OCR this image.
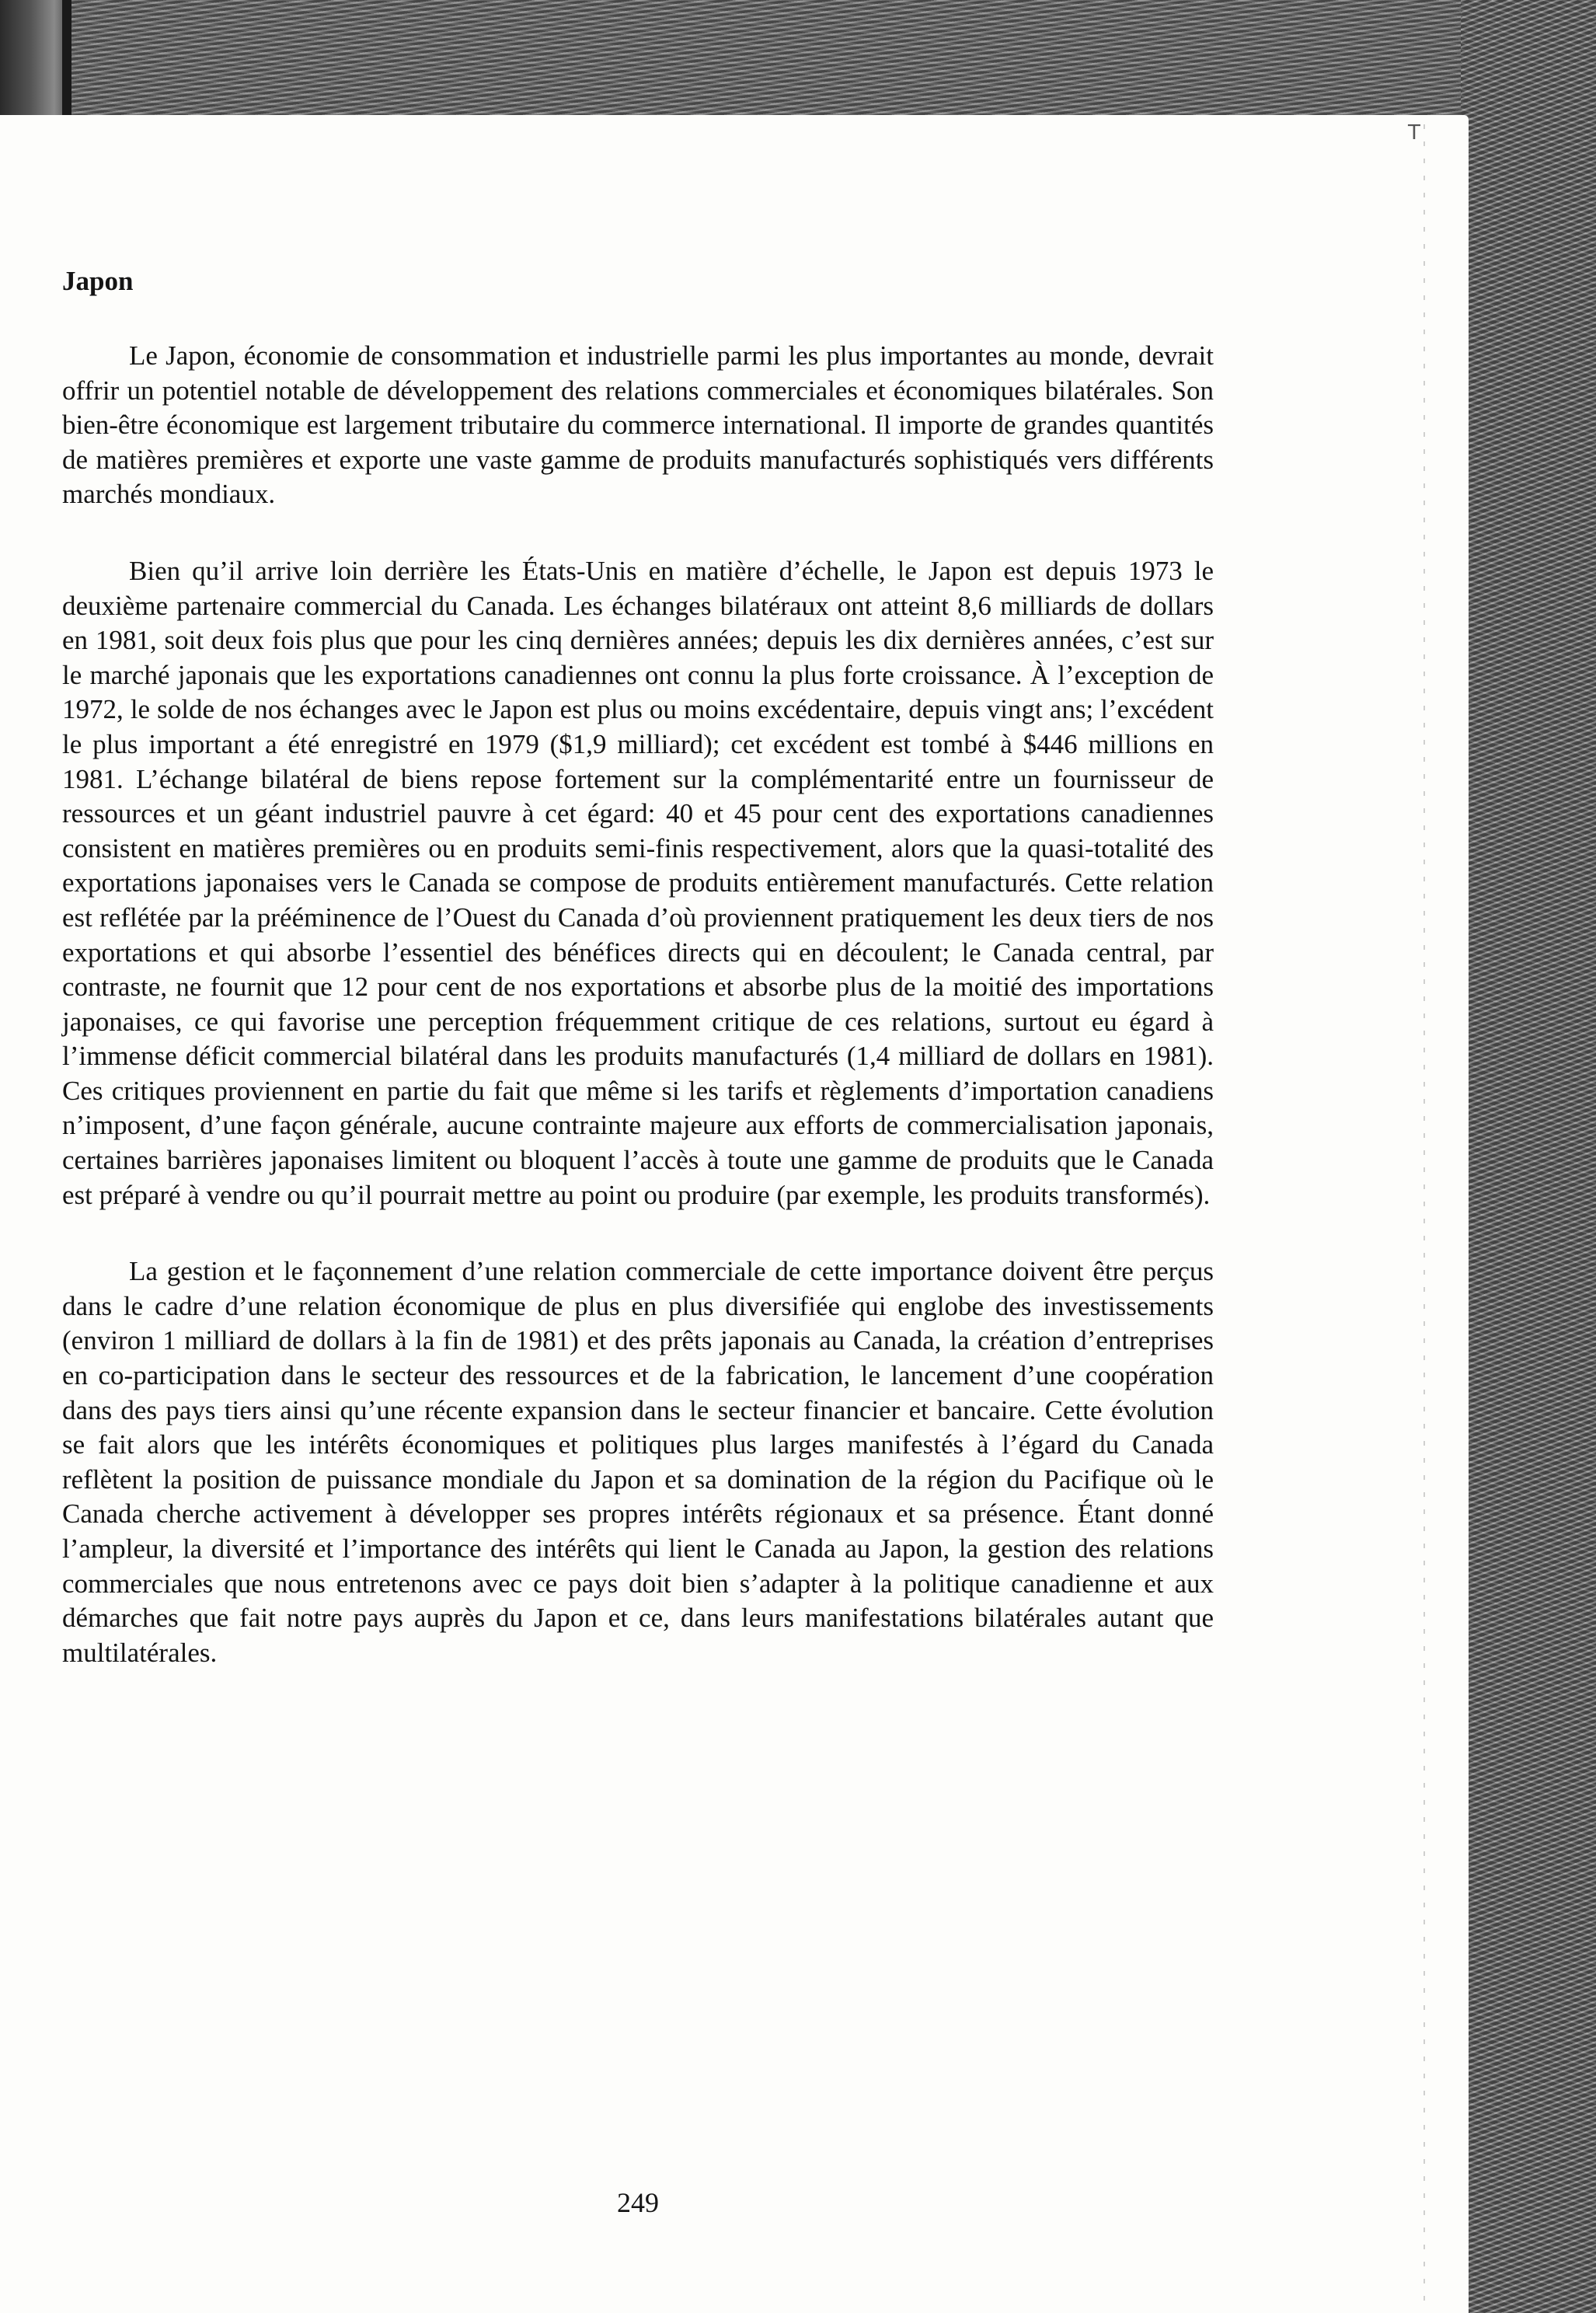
T
Japon

Le Japon, économie de consommation et industrielle parmi les plus importantes au monde, devrait offrir un potentiel notable de développement des relations commerciales et économiques bilatérales. Son bien-être économique est largement tributaire du commerce international. Il importe de grandes quantités de matières premières et exporte une vaste gamme de produits manufacturés sophistiqués vers différents marchés mondiaux.

Bien qu’il arrive loin derrière les États-Unis en matière d’échelle, le Japon est depuis 1973 le deuxième partenaire commercial du Canada. Les échanges bilatéraux ont atteint 8,6 milliards de dollars en 1981, soit deux fois plus que pour les cinq dernières années; depuis les dix dernières années, c’est sur le marché japonais que les exportations canadiennes ont connu la plus forte croissance. À l’exception de 1972, le solde de nos échanges avec le Japon est plus ou moins excédentaire, depuis vingt ans; l’excédent le plus important a été enregistré en 1979 ($1,9 milliard); cet excédent est tombé à $446 millions en 1981. L’échange bilatéral de biens repose fortement sur la complémentarité entre un fournisseur de ressources et un géant industriel pauvre à cet égard: 40 et 45 pour cent des exportations canadiennes consistent en matières premières ou en produits semi-finis respectivement, alors que la quasi-totalité des exportations japonaises vers le Canada se compose de produits entièrement manufacturés. Cette relation est reflétée par la prééminence de l’Ouest du Canada d’où proviennent pratiquement les deux tiers de nos exportations et qui absorbe l’essentiel des bénéfices directs qui en découlent; le Canada central, par contraste, ne fournit que 12 pour cent de nos exportations et absorbe plus de la moitié des importations japonaises, ce qui favorise une perception fréquemment critique de ces relations, surtout eu égard à l’immense déficit commercial bilatéral dans les produits manufacturés (1,4 milliard de dollars en 1981). Ces critiques proviennent en partie du fait que même si les tarifs et règlements d’importation canadiens n’imposent, d’une façon générale, aucune contrainte majeure aux efforts de commercialisation japonais, certaines barrières japonaises limitent ou bloquent l’accès à toute une gamme de produits que le Canada est préparé à vendre ou qu’il pourrait mettre au point ou produire (par exemple, les produits transformés).

La gestion et le façonnement d’une relation commerciale de cette importance doivent être perçus dans le cadre d’une relation économique de plus en plus diversifiée qui englobe des investissements (environ 1 milliard de dollars à la fin de 1981) et des prêts japonais au Canada, la création d’entreprises en co-participation dans le secteur des ressources et de la fabrication, le lancement d’une coopération dans des pays tiers ainsi qu’une récente expansion dans le secteur financier et bancaire. Cette évolution se fait alors que les intérêts économiques et politiques plus larges manifestés à l’égard du Canada reflètent la position de puissance mondiale du Japon et sa domination de la région du Pacifique où le Canada cherche activement à développer ses propres intérêts régionaux et sa présence. Étant donné l’ampleur, la diversité et l’importance des intérêts qui lient le Canada au Japon, la gestion des relations commerciales que nous entretenons avec ce pays doit bien s’adapter à la politique canadienne et aux démarches que fait notre pays auprès du Japon et ce, dans leurs manifestations bilatérales autant que multilatérales.

249
